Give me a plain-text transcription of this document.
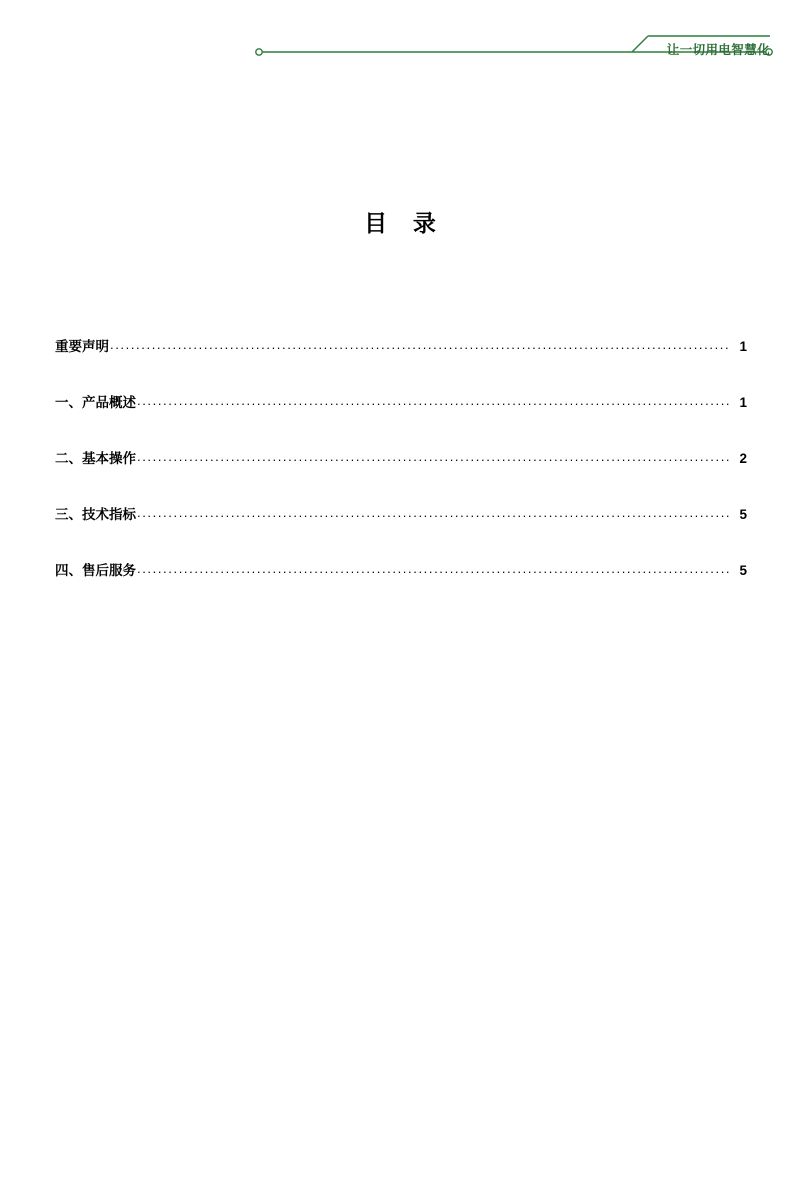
让一切用电智慧化
目 录
重要声明 .....	1
一、产品概述 .....	1
二、基本操作 .....	2
三、技术指标 .....	5
四、售后服务 .....	5
